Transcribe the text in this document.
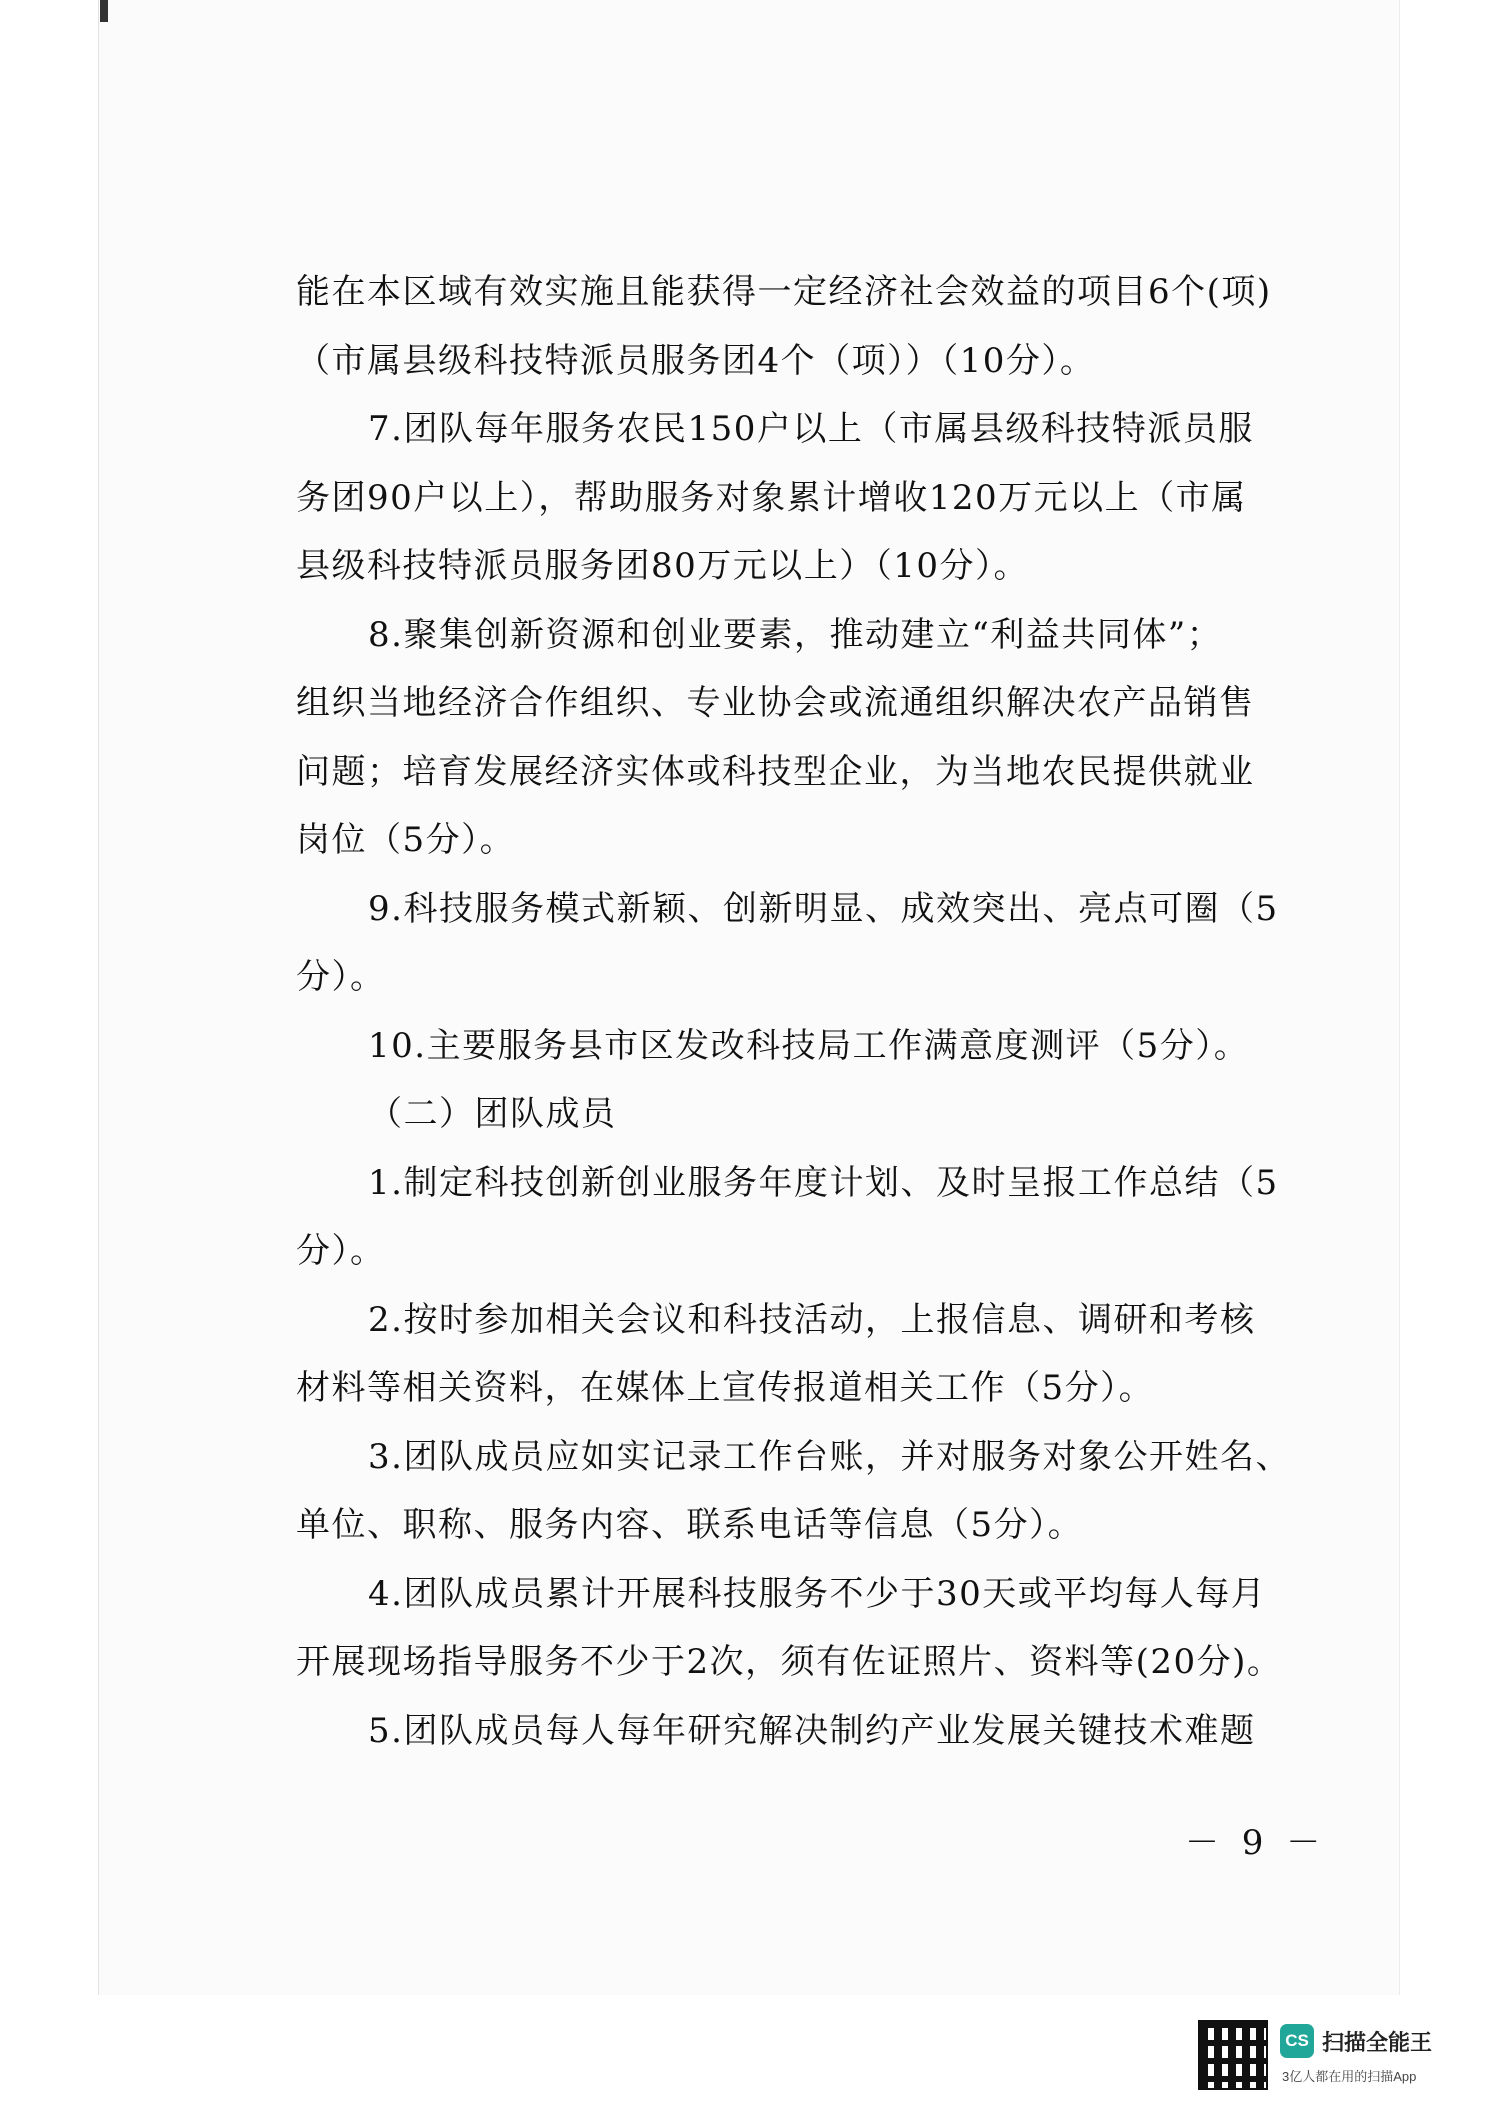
能在本区域有效实施且能获得一定经济社会效益的项目6个(项)
（市属县级科技特派员服务团4个（项））（10分）。
7.团队每年服务农民150户以上（市属县级科技特派员服
务团90户以上），帮助服务对象累计增收120万元以上（市属
县级科技特派员服务团80万元以上）（10分）。
8.聚集创新资源和创业要素，推动建立“利益共同体”；
组织当地经济合作组织、专业协会或流通组织解决农产品销售
问题；培育发展经济实体或科技型企业，为当地农民提供就业
岗位（5分）。
9.科技服务模式新颖、创新明显、成效突出、亮点可圈（5
分）。
10.主要服务县市区发改科技局工作满意度测评（5分）。
（二）团队成员
1.制定科技创新创业服务年度计划、及时呈报工作总结（5
分）。
2.按时参加相关会议和科技活动，上报信息、调研和考核
材料等相关资料，在媒体上宣传报道相关工作（5分）。
3.团队成员应如实记录工作台账，并对服务对象公开姓名、
单位、职称、服务内容、联系电话等信息（5分）。
4.团队成员累计开展科技服务不少于30天或平均每人每月
开展现场指导服务不少于2次，须有佐证照片、资料等(20分)。
5.团队成员每人每年研究解决制约产业发展关键技术难题
－ 9 －
CS 扫描全能王
3亿人都在用的扫描App
